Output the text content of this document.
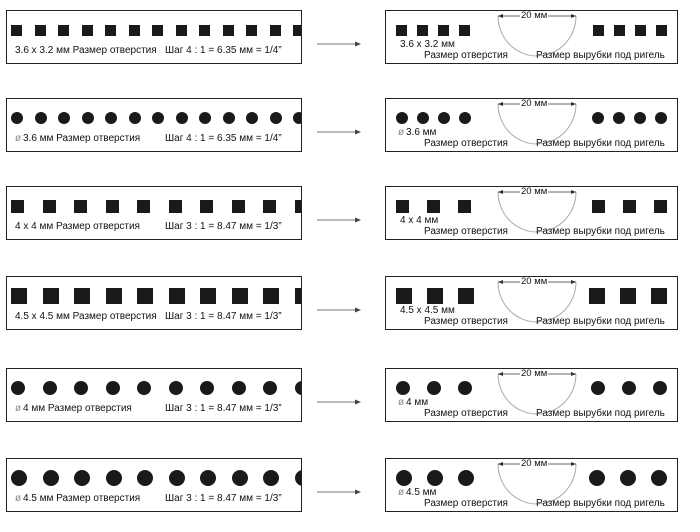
3.6 x 3.2 мм Размер отверстия Шаг 4 : 1 = 6.35 мм = 1/4”
20 мм
3.6 x 3.2 мм
Размер отверстия	Размер вырубки под ригель
ø 3.6 мм Размер отверстия Шаг 4 : 1 = 6.35 мм = 1/4”
20 мм
ø 3.6 мм
Размер отверстия	Размер вырубки под ригель
4 x 4 мм Размер отверстия	Шаг 3 : 1 = 8.47 мм = 1/3”
20 мм
4 x 4 мм
Размер отверстия	Размер вырубки под ригель
4.5 x 4.5 мм Размер отверстия Шаг 3 : 1 = 8.47 мм = 1/3”
20 мм
4.5 x 4.5 мм
Размер отверстия	Размер вырубки под ригель
ø 4 мм Размер отверстия	Шаг 3 : 1 = 8.47 мм = 1/3”
20 мм
ø 4 мм
Размер отверстия	Размер вырубки под ригель
ø 4.5 мм Размер отверстия Шаг 3 : 1 = 8.47 мм = 1/3”
20 мм
ø 4.5 мм
Размер отверстия	Размер вырубки под ригель
